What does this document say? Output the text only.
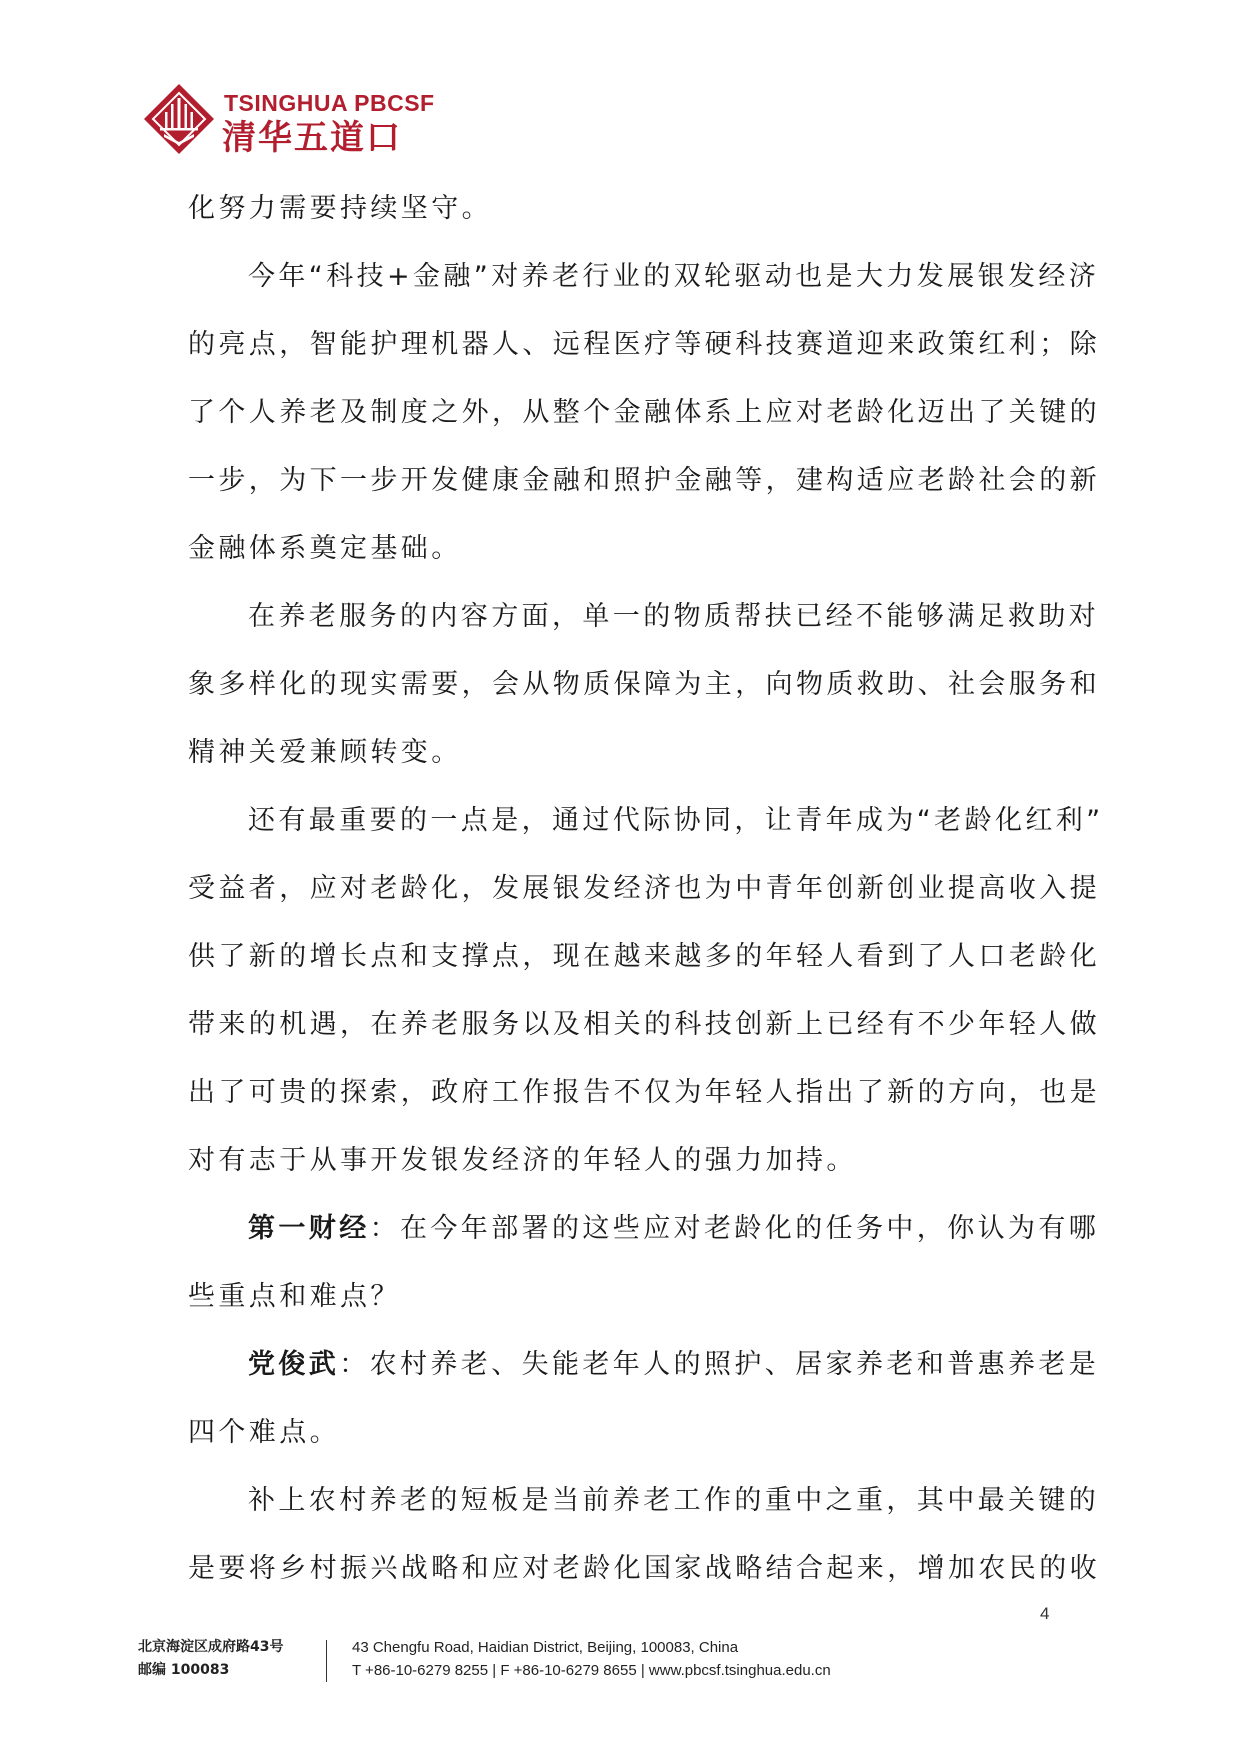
TSINGHUA PBCSF
清华五道口
化努力需要持续坚守。
今年“科技+金融”对养老行业的双轮驱动也是大力发展银发经济
的亮点，智能护理机器人、远程医疗等硬科技赛道迎来政策红利；除
了个人养老及制度之外，从整个金融体系上应对老龄化迈出了关键的
一步，为下一步开发健康金融和照护金融等，建构适应老龄社会的新
金融体系奠定基础。
在养老服务的内容方面，单一的物质帮扶已经不能够满足救助对
象多样化的现实需要，会从物质保障为主，向物质救助、社会服务和
精神关爱兼顾转变。
还有最重要的一点是，通过代际协同，让青年成为“老龄化红利”
受益者，应对老龄化，发展银发经济也为中青年创新创业提高收入提
供了新的增长点和支撑点，现在越来越多的年轻人看到了人口老龄化
带来的机遇，在养老服务以及相关的科技创新上已经有不少年轻人做
出了可贵的探索，政府工作报告不仅为年轻人指出了新的方向，也是
对有志于从事开发银发经济的年轻人的强力加持。
第一财经：在今年部署的这些应对老龄化的任务中，你认为有哪
些重点和难点？
党俊武：农村养老、失能老年人的照护、居家养老和普惠养老是
四个难点。
补上农村养老的短板是当前养老工作的重中之重，其中最关键的
是要将乡村振兴战略和应对老龄化国家战略结合起来，增加农民的收
4
北京海淀区成府路43号
邮编 100083
43 Chengfu Road, Haidian District, Beijing, 100083, China
T +86-10-6279 8255 | F +86-10-6279 8655 | www.pbcsf.tsinghua.edu.cn
